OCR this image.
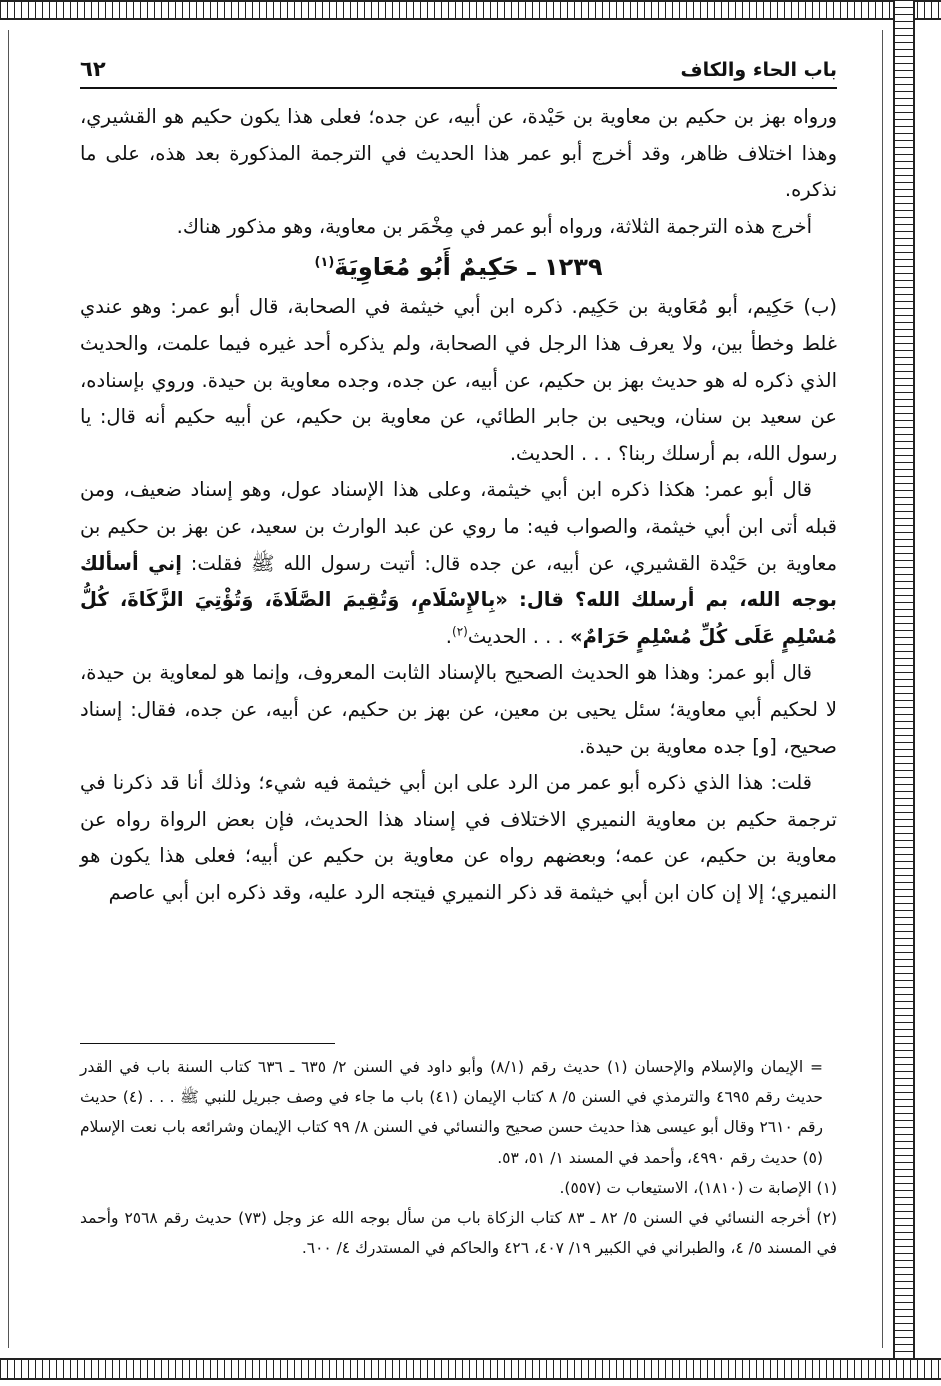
باب الحاء والكاف
٦٢

ورواه بهز بن حكيم بن معاوية بن حَيْدة، عن أبيه، عن جده؛ فعلى هذا يكون حكيم هو القشيري، وهذا اختلاف ظاهر، وقد أخرج أبو عمر هذا الحديث في الترجمة المذكورة بعد هذه، على ما نذكره.

أخرج هذه الترجمة الثلاثة، ورواه أبو عمر في مِخْمَر بن معاوية، وهو مذكور هناك.

١٢٣٩ ـ حَكِيمٌ أَبُو مُعَاوِيَةَ$^{(١)}$

(ب) حَكِيم، أبو مُعَاوية بن حَكِيم. ذكره ابن أبي خيثمة في الصحابة، قال أبو عمر: وهو عندي غلط وخطأ بين، ولا يعرف هذا الرجل في الصحابة، ولم يذكره أحد غيره فيما علمت، والحديث الذي ذكره له هو حديث بهز بن حكيم، عن أبيه، عن جده، وجده معاوية بن حيدة. وروي بإسناده، عن سعيد بن سنان، ويحيى بن جابر الطائي، عن معاوية بن حكيم، عن أبيه حكيم أنه قال: يا رسول الله، بم أرسلك ربنا؟ . . . الحديث.

قال أبو عمر: هكذا ذكره ابن أبي خيثمة، وعلى هذا الإسناد عول، وهو إسناد ضعيف، ومن قبله أتى ابن أبي خيثمة، والصواب فيه: ما روي عن عبد الوارث بن سعيد، عن بهز بن حكيم بن معاوية بن حَيْدة القشيري، عن أبيه، عن جده قال: أتيت رسول الله ﷺ فقلت: إني أسألك بوجه الله، بم أرسلك الله؟ قال: «بِالإِسْلَامِ، وَتُقِيمَ الصَّلَاةَ، وَتُؤْتِيَ الزَّكَاةَ، كُلُّ مُسْلِمٍ عَلَى كُلِّ مُسْلِمٍ حَرَامٌ» . . . الحديث$^{(٢)}$.

قال أبو عمر: وهذا هو الحديث الصحيح بالإسناد الثابت المعروف، وإنما هو لمعاوية بن حيدة، لا لحكيم أبي معاوية؛ سئل يحيى بن معين، عن بهز بن حكيم، عن أبيه، عن جده، فقال: إسناد صحيح، [و] جده معاوية بن حيدة.

قلت: هذا الذي ذكره أبو عمر من الرد على ابن أبي خيثمة فيه شيء؛ وذلك أنا قد ذكرنا في ترجمة حكيم بن معاوية النميري الاختلاف في إسناد هذا الحديث، فإن بعض الرواة رواه عن معاوية بن حكيم، عن عمه؛ وبعضهم رواه عن معاوية بن حكيم عن أبيه؛ فعلى هذا يكون هو النميري؛ إلا إن كان ابن أبي خيثمة قد ذكر النميري فيتجه الرد عليه، وقد ذكره ابن أبي عاصم

= الإيمان والإسلام والإحسان (١) حديث رقم (٨/١) وأبو داود في السنن ٢/ ٦٣٥ ـ ٦٣٦ كتاب السنة باب في القدر حديث رقم ٤٦٩٥ والترمذي في السنن ٥/ ٨ كتاب الإيمان (٤١) باب ما جاء في وصف جبريل للنبي ﷺ . . . (٤) حديث رقم ٢٦١٠ وقال أبو عيسى هذا حديث حسن صحيح والنسائي في السنن ٨/ ٩٩ كتاب الإيمان وشرائعه باب نعت الإسلام (٥) حديث رقم ٤٩٩٠، وأحمد في المسند ١/ ٥١، ٥٣.

(١) الإصابة ت (١٨١٠)، الاستيعاب ت (٥٥٧).

(٢) أخرجه النسائي في السنن ٥/ ٨٢ ـ ٨٣ كتاب الزكاة باب من سأل بوجه الله عز وجل (٧٣) حديث رقم ٢٥٦٨ وأحمد في المسند ٥/ ٤، والطبراني في الكبير ١٩/ ٤٠٧، ٤٢٦ والحاكم في المستدرك ٤/ ٦٠٠.
